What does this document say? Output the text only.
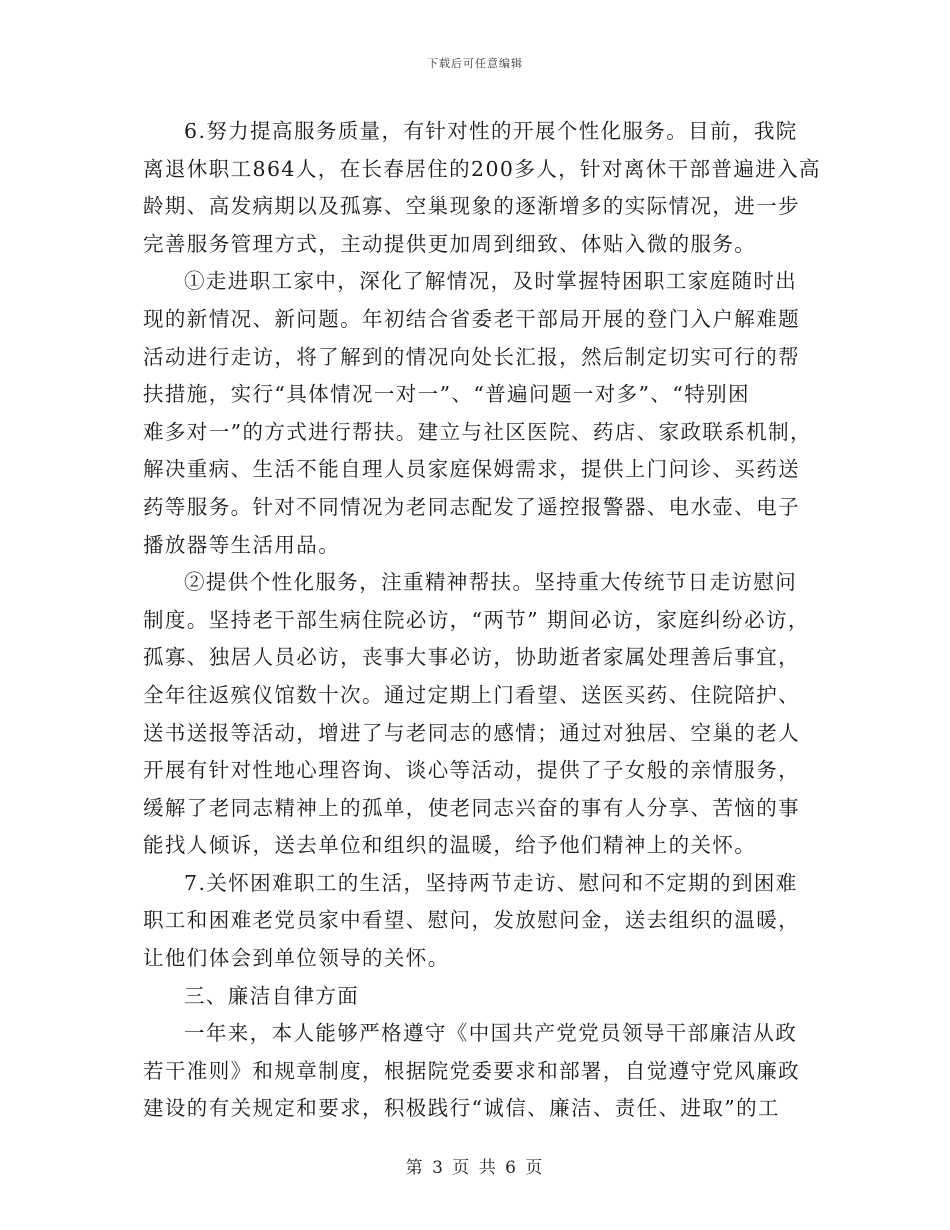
下载后可任意编辑
6.努力提高服务质量，有针对性的开展个性化服务。目前，我院
离退休职工864人，在长春居住的200多人，针对离休干部普遍进入高
龄期、高发病期以及孤寡、空巢现象的逐渐增多的实际情况，进一步
完善服务管理方式，主动提供更加周到细致、体贴入微的服务。
①走进职工家中，深化了解情况，及时掌握特困职工家庭随时出
现的新情况、新问题。年初结合省委老干部局开展的登门入户解难题
活动进行走访，将了解到的情况向处长汇报，然后制定切实可行的帮
扶措施，实行“具体情况一对一”、“普遍问题一对多”、“特别困
难多对一”的方式进行帮扶。建立与社区医院、药店、家政联系机制，
解决重病、生活不能自理人员家庭保姆需求，提供上门问诊、买药送
药等服务。针对不同情况为老同志配发了遥控报警器、电水壶、电子
播放器等生活用品。
②提供个性化服务，注重精神帮扶。坚持重大传统节日走访慰问
制度。坚持老干部生病住院必访，“两节” 期间必访，家庭纠纷必访，
孤寡、独居人员必访，丧事大事必访，协助逝者家属处理善后事宜，
全年往返殡仪馆数十次。通过定期上门看望、送医买药、住院陪护、
送书送报等活动，增进了与老同志的感情；通过对独居、空巢的老人
开展有针对性地心理咨询、谈心等活动，提供了子女般的亲情服务，
缓解了老同志精神上的孤单，使老同志兴奋的事有人分享、苦恼的事
能找人倾诉，送去单位和组织的温暖，给予他们精神上的关怀。
7.关怀困难职工的生活，坚持两节走访、慰问和不定期的到困难
职工和困难老党员家中看望、慰问，发放慰问金，送去组织的温暖，
让他们体会到单位领导的关怀。
三、廉洁自律方面
一年来，本人能够严格遵守《中国共产党党员领导干部廉洁从政
若干准则》和规章制度，根据院党委要求和部署，自觉遵守党风廉政
建设的有关规定和要求，积极践行“诚信、廉洁、责任、进取”的工
第 3 页 共 6 页
